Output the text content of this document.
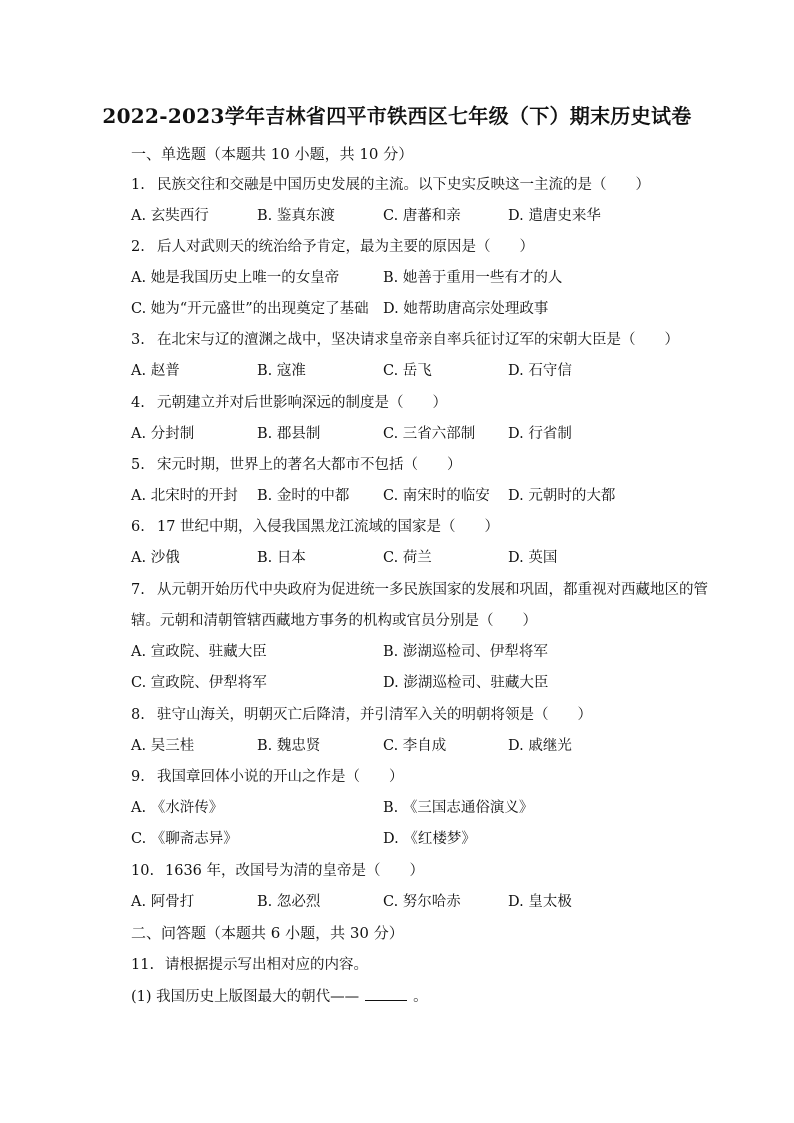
2022-2023学年吉林省四平市铁西区七年级（下）期末历史试卷
一、单选题（本题共 10 小题，共 10 分）
1. 民族交往和交融是中国历史发展的主流。以下史实反映这一主流的是（　　）
A. 玄奘西行	B. 鉴真东渡	C. 唐蕃和亲	D. 遣唐史来华
2. 后人对武则天的统治给予肯定，最为主要的原因是（　　）
A. 她是我国历史上唯一的女皇帝	B. 她善于重用一些有才的人
C. 她为“开元盛世”的出现奠定了基础 D. 她帮助唐高宗处理政事
3. 在北宋与辽的澶渊之战中，坚决请求皇帝亲自率兵征讨辽军的宋朝大臣是（　　）
A. 赵普	B. 寇准	C. 岳飞	D. 石守信
4. 元朝建立并对后世影响深远的制度是（　　）
A. 分封制	B. 郡县制	C. 三省六部制 D. 行省制
5. 宋元时期，世界上的著名大都市不包括（　　）
A. 北宋时的开封 B. 金时的中都 C. 南宋时的临安 D. 元朝时的大都
6. 17 世纪中期，入侵我国黑龙江流域的国家是（　　）
A. 沙俄	B. 日本	C. 荷兰	D. 英国
7. 从元朝开始历代中央政府为促进统一多民族国家的发展和巩固，都重视对西藏地区的管
辖。元朝和清朝管辖西藏地方事务的机构或官员分别是（　　）
A. 宣政院、驻藏大臣	B. 澎湖巡检司、伊犁将军
C. 宣政院、伊犁将军	D. 澎湖巡检司、驻藏大臣
8. 驻守山海关，明朝灭亡后降清，并引清军入关的明朝将领是（　　）
A. 吴三桂	B. 魏忠贤	C. 李自成	D. 戚继光
9. 我国章回体小说的开山之作是（　　）
A. 《水浒传》	B. 《三国志通俗演义》
C. 《聊斋志异》	D. 《红楼梦》
10. 1636 年，改国号为清的皇帝是（　　）
A. 阿骨打	B. 忽必烈	C. 努尔哈赤	D. 皇太极
二、问答题（本题共 6 小题，共 30 分）
11. 请根据提示写出相对应的内容。
(1) 我国历史上版图最大的朝代——	。
